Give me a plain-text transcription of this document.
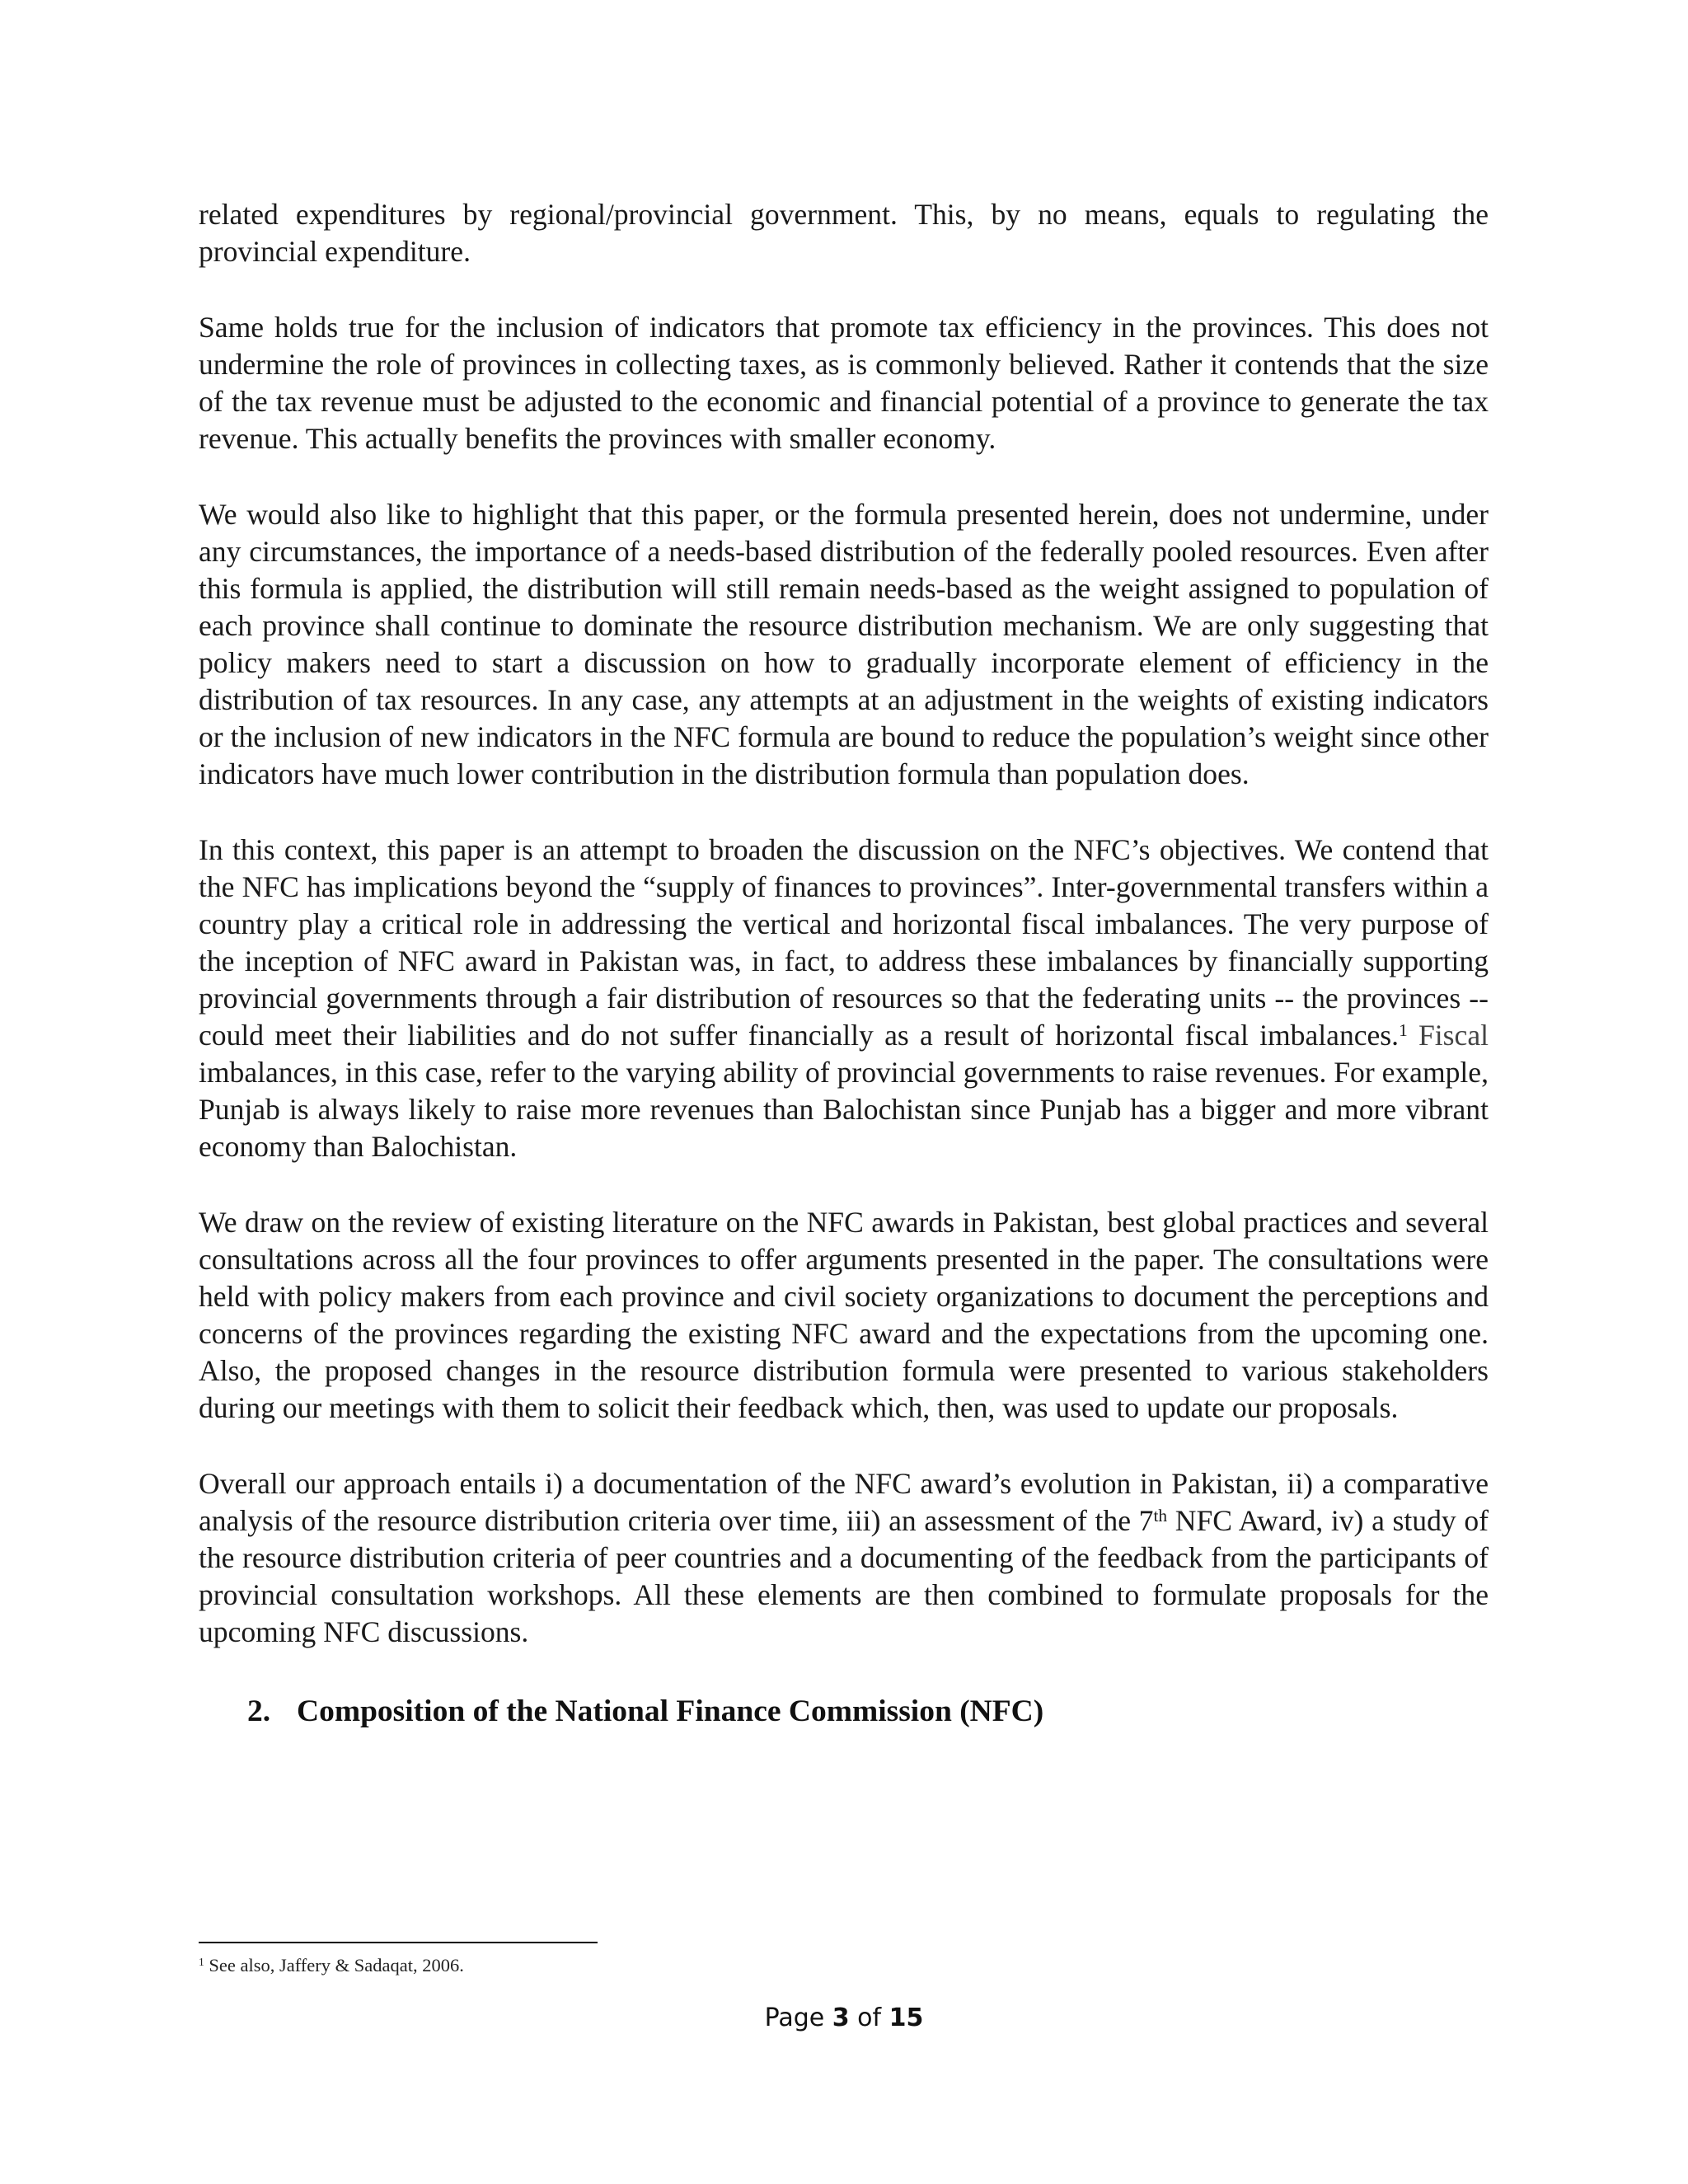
related expenditures by regional/provincial government. This, by no means, equals to regulating the provincial expenditure.

Same holds true for the inclusion of indicators that promote tax efficiency in the provinces. This does not undermine the role of provinces in collecting taxes, as is commonly believed. Rather it contends that the size of the tax revenue must be adjusted to the economic and financial potential of a province to generate the tax revenue. This actually benefits the provinces with smaller economy.

We would also like to highlight that this paper, or the formula presented herein, does not undermine, under any circumstances, the importance of a needs-based distribution of the federally pooled resources. Even after this formula is applied, the distribution will still remain needs-based as the weight assigned to population of each province shall continue to dominate the resource distribution mechanism. We are only suggesting that policy makers need to start a discussion on how to gradually incorporate element of efficiency in the distribution of tax resources. In any case, any attempts at an adjustment in the weights of existing indicators or the inclusion of new indicators in the NFC formula are bound to reduce the population’s weight since other indicators have much lower contribution in the distribution formula than population does.

In this context, this paper is an attempt to broaden the discussion on the NFC’s objectives. We contend that the NFC has implications beyond the “supply of finances to provinces”. Inter-governmental transfers within a country play a critical role in addressing the vertical and horizontal fiscal imbalances. The very purpose of the inception of NFC award in Pakistan was, in fact, to address these imbalances by financially supporting provincial governments through a fair distribution of resources so that the federating units -- the provinces -- could meet their liabilities and do not suffer financially as a result of horizontal fiscal imbalances.$^1$ Fiscal imbalances, in this case, refer to the varying ability of provincial governments to raise revenues. For example, Punjab is always likely to raise more revenues than Balochistan since Punjab has a bigger and more vibrant economy than Balochistan.

We draw on the review of existing literature on the NFC awards in Pakistan, best global practices and several consultations across all the four provinces to offer arguments presented in the paper. The consultations were held with policy makers from each province and civil society organizations to document the perceptions and concerns of the provinces regarding the existing NFC award and the expectations from the upcoming one. Also, the proposed changes in the resource distribution formula were presented to various stakeholders during our meetings with them to solicit their feedback which, then, was used to update our proposals.

Overall our approach entails i) a documentation of the NFC award’s evolution in Pakistan, ii) a comparative analysis of the resource distribution criteria over time, iii) an assessment of the 7th NFC Award, iv) a study of the resource distribution criteria of peer countries and a documenting of the feedback from the participants of provincial consultation workshops. All these elements are then combined to formulate proposals for the upcoming NFC discussions.

2. Composition of the National Finance Commission (NFC)
$^1$ See also, Jaffery & Sadaqat, 2006.
Page 3 of 15
